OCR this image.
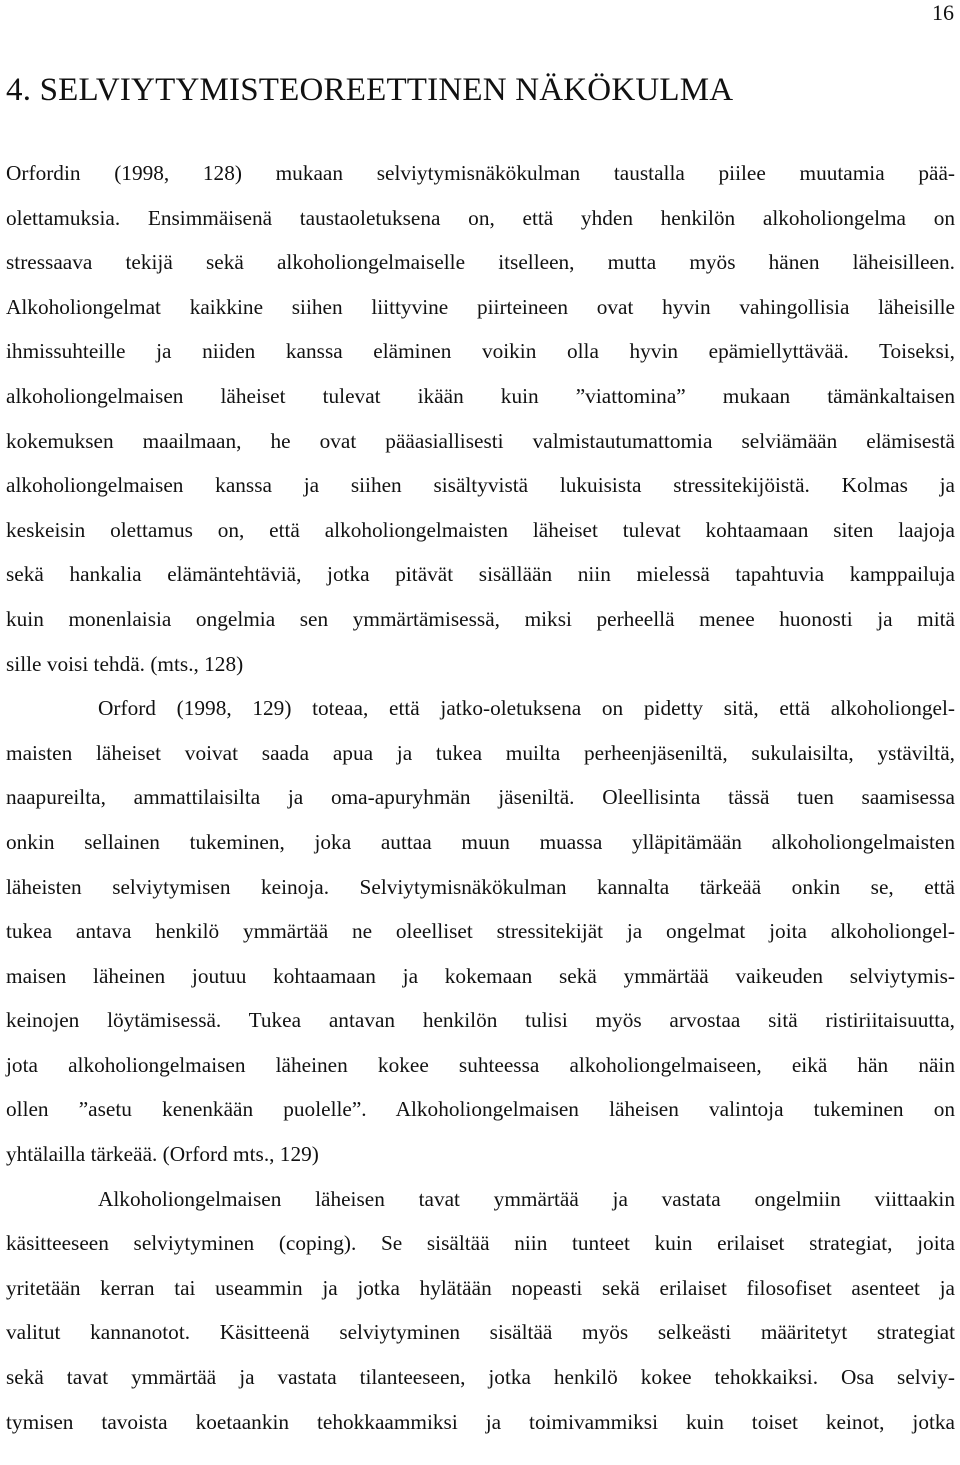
16
4. SELVIYTYMISTEOREETTINEN NÄKÖKULMA
Orfordin (1998, 128) mukaan selviytymisnäkökulman taustalla piilee muutamia pää-
olettamuksia. Ensimmäisenä taustaoletuksena on, että yhden henkilön alkoholiongelma on
stressaava tekijä sekä alkoholiongelmaiselle itselleen, mutta myös hänen läheisilleen.
Alkoholiongelmat kaikkine siihen liittyvine piirteineen ovat hyvin vahingollisia läheisille
ihmissuhteille ja niiden kanssa eläminen voikin olla hyvin epämiellyttävää. Toiseksi,
alkoholiongelmaisen läheiset tulevat ikään kuin ”viattomina” mukaan tämänkaltaisen
kokemuksen maailmaan, he ovat pääasiallisesti valmistautumattomia selviämään elämisestä
alkoholiongelmaisen kanssa ja siihen sisältyvistä lukuisista stressitekijöistä. Kolmas ja
keskeisin olettamus on, että alkoholiongelmaisten läheiset tulevat kohtaamaan siten laajoja
sekä hankalia elämäntehtäviä, jotka pitävät sisällään niin mielessä tapahtuvia kamppailuja
kuin monenlaisia ongelmia sen ymmärtämisessä, miksi perheellä menee huonosti ja mitä
sille voisi tehdä. (mts., 128)
Orford (1998, 129) toteaa, että jatko-oletuksena on pidetty sitä, että alkoholiongel-
maisten läheiset voivat saada apua ja tukea muilta perheenjäseniltä, sukulaisilta, ystäviltä,
naapureilta, ammattilaisilta ja oma-apuryhmän jäseniltä. Oleellisinta tässä tuen saamisessa
onkin sellainen tukeminen, joka auttaa muun muassa ylläpitämään alkoholiongelmaisten
läheisten selviytymisen keinoja. Selviytymisnäkökulman kannalta tärkeää onkin se, että
tukea antava henkilö ymmärtää ne oleelliset stressitekijät ja ongelmat joita alkoholiongel-
maisen läheinen joutuu kohtaamaan ja kokemaan sekä ymmärtää vaikeuden selviytymis-
keinojen löytämisessä. Tukea antavan henkilön tulisi myös arvostaa sitä ristiriitaisuutta,
jota alkoholiongelmaisen läheinen kokee suhteessa alkoholiongelmaiseen, eikä hän näin
ollen ”asetu kenenkään puolelle”. Alkoholiongelmaisen läheisen valintoja tukeminen on
yhtälailla tärkeää. (Orford mts., 129)
Alkoholiongelmaisen läheisen tavat ymmärtää ja vastata ongelmiin viittaakin
käsitteeseen selviytyminen (coping). Se sisältää niin tunteet kuin erilaiset strategiat, joita
yritetään kerran tai useammin ja jotka hylätään nopeasti sekä erilaiset filosofiset asenteet ja
valitut kannanotot. Käsitteenä selviytyminen sisältää myös selkeästi määritetyt strategiat
sekä tavat ymmärtää ja vastata tilanteeseen, jotka henkilö kokee tehokkaiksi. Osa selviy-
tymisen tavoista koetaankin tehokkaammiksi ja toimivammiksi kuin toiset keinot, jotka
